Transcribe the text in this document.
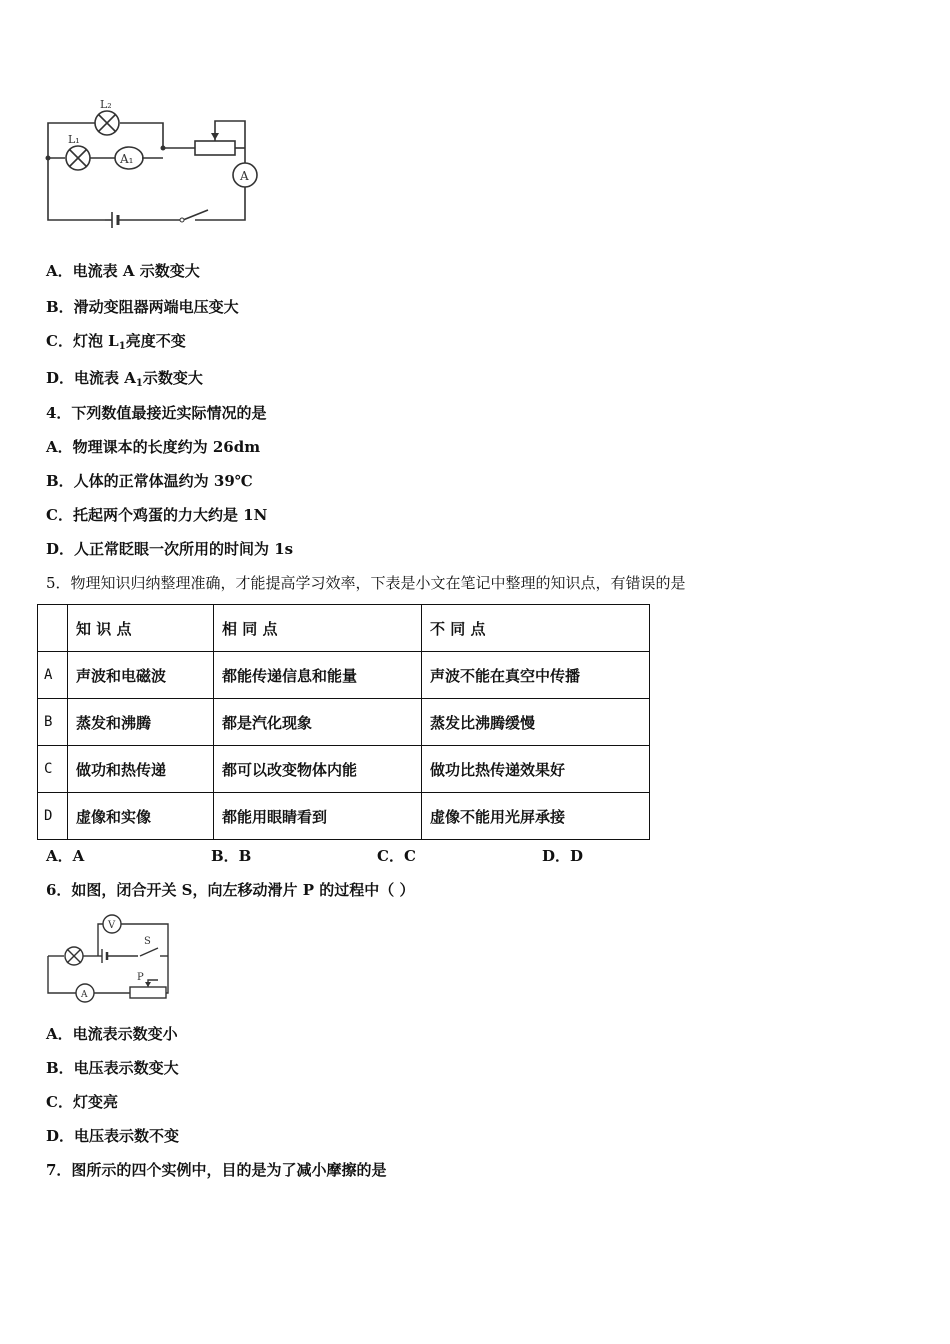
L₂
L₁
A₁
A
A．电流表 A 示数变大
B．滑动变阻器两端电压变大
C．灯泡 $L_1$亮度不变
D．电流表 $A_1$示数变大
4．下列数值最接近实际情况的是
A．物理课本的长度约为 26dm
B．人体的正常体温约为 39℃
C．托起两个鸡蛋的力大约是 1N
D．人正常眨眼一次所用的时间为 1s
5．物理知识归纳整理准确，才能提高学习效率，下表是小文在笔记中整理的知识点，有错误的是
	知 识 点	相 同 点	不 同 点
A	声波和电磁波	都能传递信息和能量	声波不能在真空中传播
B	蒸发和沸腾	都是汽化现象	蒸发比沸腾缓慢
C	做功和热传递	都可以改变物体内能	做功比热传递效果好
D	虚像和实像	都能用眼睛看到	虚像不能用光屏承接
A．A	B．B	C．C	D．D
6．如图，闭合开关 S，向左移动滑片 P 的过程中（ ）
V
S
P
A
A．电流表示数变小
B．电压表示数变大
C．灯变亮
D．电压表示数不变
7．图所示的四个实例中，目的是为了减小摩擦的是
